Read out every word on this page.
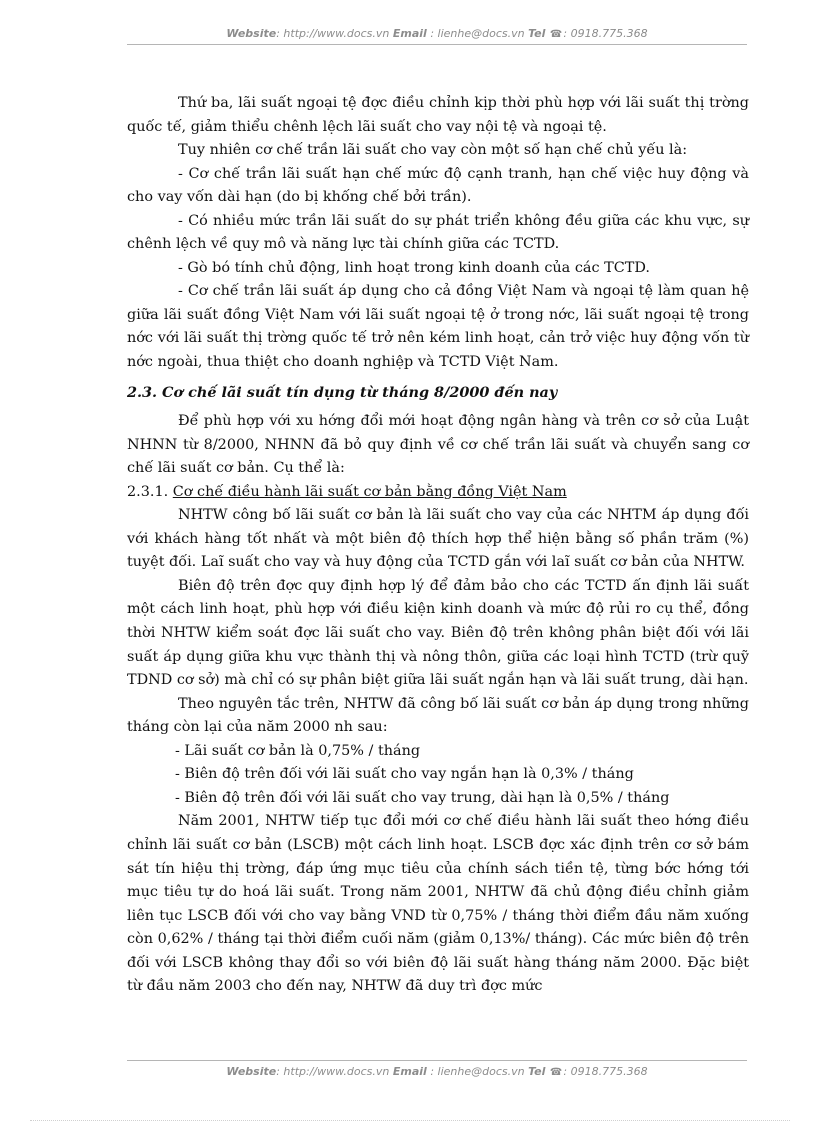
Website: http://www.docs.vn Email : lienhe@docs.vn Tel ☎: 0918.775.368

Thứ ba, lãi suất ngoại tệ đợc điều chỉnh kịp thời phù hợp với lãi suất thị trờng quốc tế, giảm thiểu chênh lệch lãi suất cho vay nội tệ và ngoại tệ.

Tuy nhiên cơ chế trần lãi suất cho vay còn một số hạn chế chủ yếu là:

- Cơ chế trần lãi suất hạn chế mức độ cạnh tranh, hạn chế việc huy động và cho vay vốn dài hạn (do bị khống chế bởi trần).

- Có nhiều mức trần lãi suất do sự phát triển không đều giữa các khu vực, sự chênh lệch về quy mô và năng lực tài chính giữa các TCTD.

- Gò bó tính chủ động, linh hoạt trong kinh doanh của các TCTD.

- Cơ chế trần lãi suất áp dụng cho cả đồng Việt Nam và ngoại tệ làm quan hệ giữa lãi suất đồng Việt Nam với lãi suất ngoại tệ ở trong nớc, lãi suất ngoại tệ trong nớc với lãi suất thị trờng quốc tế trở nên kém linh hoạt, cản trở việc huy động vốn từ nớc ngoài, thua thiệt cho doanh nghiệp và TCTD Việt Nam.

2.3. Cơ chế lãi suất tín dụng từ tháng 8/2000 đến nay

Để phù hợp với xu hớng đổi mới hoạt động ngân hàng và trên cơ sở của Luật NHNN từ 8/2000, NHNN đã bỏ quy định về cơ chế trần lãi suất và chuyển sang cơ chế lãi suất cơ bản. Cụ thể là:

2.3.1. Cơ chế điều hành lãi suất cơ bản bằng đồng Việt Nam

NHTW công bố lãi suất cơ bản là lãi suất cho vay của các NHTM áp dụng đối với khách hàng tốt nhất và một biên độ thích hợp thể hiện bằng số phần trăm (%) tuyệt đối. Laĩ suất cho vay và huy động của TCTD gắn với laĩ suất cơ bản của NHTW.

Biên độ trên đợc quy định hợp lý để đảm bảo cho các TCTD ấn định lãi suất một cách linh hoạt, phù hợp với điều kiện kinh doanh và mức độ rủi ro cụ thể, đồng thời NHTW kiểm soát đợc lãi suất cho vay. Biên độ trên không phân biệt đối với lãi suất áp dụng giữa khu vực thành thị và nông thôn, giữa các loại hình TCTD (trừ quỹ TDND cơ sở) mà chỉ có sự phân biệt giữa lãi suất ngắn hạn và lãi suất trung, dài hạn.

Theo nguyên tắc trên, NHTW đã công bố lãi suất cơ bản áp dụng trong những tháng còn lại của năm 2000 nh sau:

- Lãi suất cơ bản là 0,75% / tháng

- Biên độ trên đối với lãi suất cho vay ngắn hạn là 0,3% / tháng

- Biên độ trên đối với lãi suất cho vay trung, dài hạn là 0,5% / tháng

Năm 2001, NHTW tiếp tục đổi mới cơ chế điều hành lãi suất theo hớng điều chỉnh lãi suất cơ bản (LSCB) một cách linh hoạt. LSCB đợc xác định trên cơ sở bám sát tín hiệu thị trờng, đáp ứng mục tiêu của chính sách tiền tệ, từng bớc hớng tới mục tiêu tự do hoá lãi suất. Trong năm 2001, NHTW đã chủ động điều chỉnh giảm liên tục LSCB đối với cho vay bằng VND từ 0,75% / tháng thời điểm đầu năm xuống còn 0,62% / tháng tại thời điểm cuối năm (giảm 0,13%/ tháng). Các mức biên độ trên đối với LSCB không thay đổi so với biên độ lãi suất hàng tháng năm 2000. Đặc biệt từ đầu năm 2003 cho đến nay, NHTW đã duy trì đợc mức

Website: http://www.docs.vn Email : lienhe@docs.vn Tel ☎: 0918.775.368
